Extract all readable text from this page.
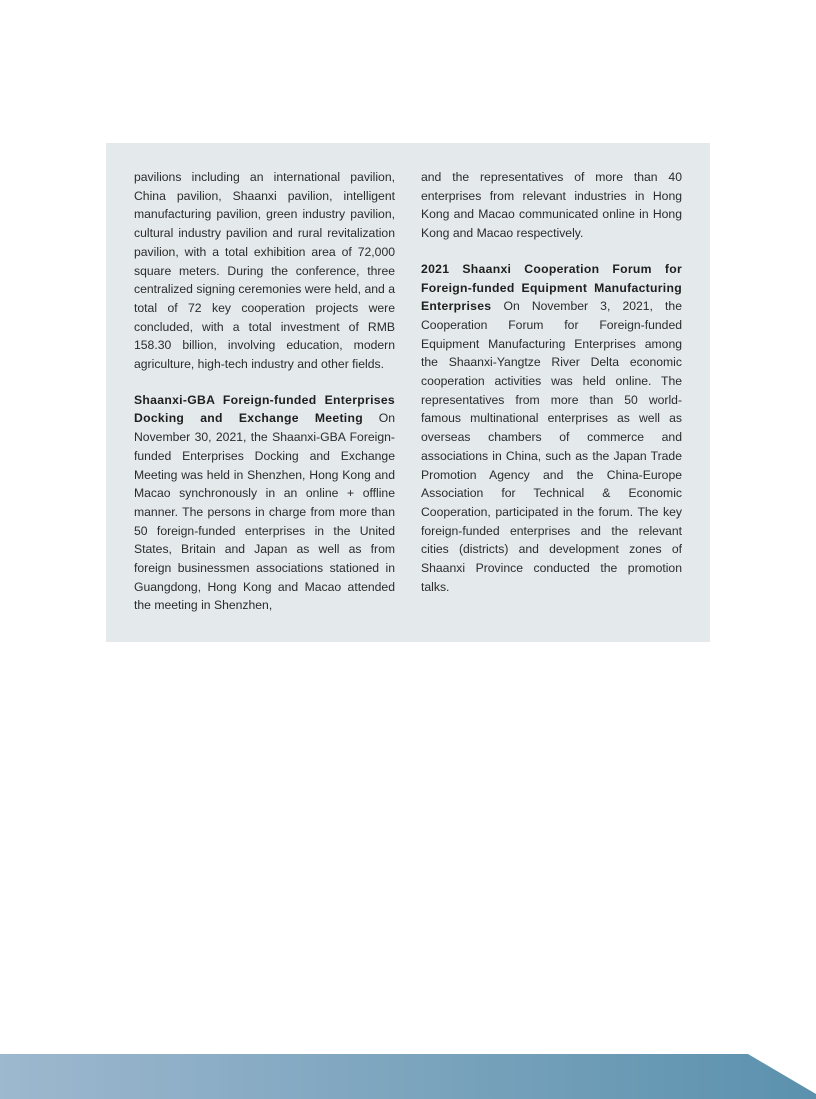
pavilions including an international pavilion, China pavilion, Shaanxi pavilion, intelligent manufacturing pavilion, green industry pavilion, cultural industry pavilion and rural revitalization pavilion, with a total exhibition area of 72,000 square meters. During the conference, three centralized signing ceremonies were held, and a total of 72 key cooperation projects were concluded, with a total investment of RMB 158.30 billion, involving education, modern agriculture, high-tech industry and other fields.

Shaanxi-GBA Foreign-funded Enterprises Docking and Exchange Meeting On November 30, 2021, the Shaanxi-GBA Foreign-funded Enterprises Docking and Exchange Meeting was held in Shenzhen, Hong Kong and Macao synchronously in an online + offline manner. The persons in charge from more than 50 foreign-funded enterprises in the United States, Britain and Japan as well as from foreign businessmen associations stationed in Guangdong, Hong Kong and Macao attended the meeting in Shenzhen,

and the representatives of more than 40 enterprises from relevant industries in Hong Kong and Macao communicated online in Hong Kong and Macao respectively.

2021 Shaanxi Cooperation Forum for Foreign-funded Equipment Manufacturing Enterprises On November 3, 2021, the Cooperation Forum for Foreign-funded Equipment Manufacturing Enterprises among the Shaanxi-Yangtze River Delta economic cooperation activities was held online. The representatives from more than 50 world-famous multinational enterprises as well as overseas chambers of commerce and associations in China, such as the Japan Trade Promotion Agency and the China-Europe Association for Technical & Economic Cooperation, participated in the forum. The key foreign-funded enterprises and the relevant cities (districts) and development zones of Shaanxi Province conducted the promotion talks.
